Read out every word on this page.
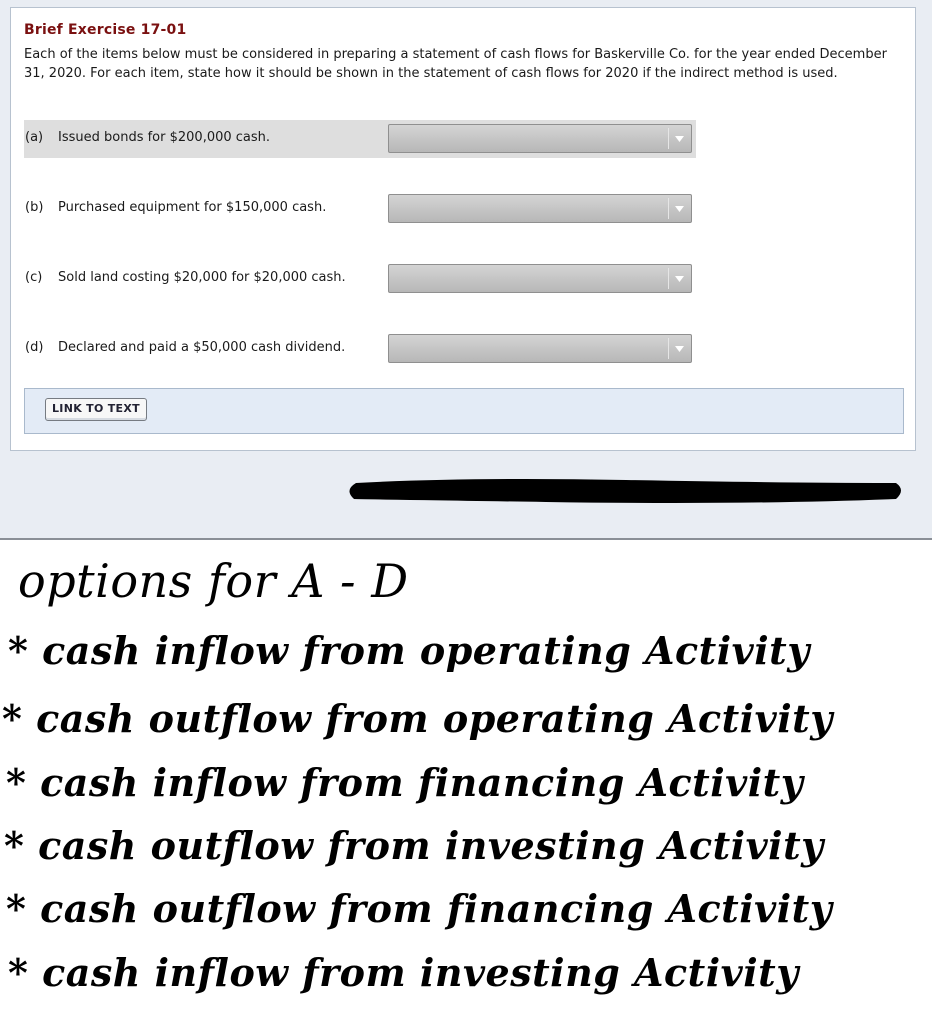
Brief Exercise 17-01
Each of the items below must be considered in preparing a statement of cash flows for Baskerville Co. for the year ended December 31, 2020. For each item, state how it should be shown in the statement of cash flows for 2020 if the indirect method is used.
(a) Issued bonds for $200,000 cash.
(b) Purchased equipment for $150,000 cash.
(c) Sold land costing $20,000 for $20,000 cash.
(d) Declared and paid a $50,000 cash dividend.
LINK TO TEXT
options for A - D
* cash inflow from operating Activity
* cash outflow from operating Activity
* cash inflow from financing Activity
* cash outflow from investing Activity
* cash outflow from financing Activity
* cash inflow from investing Activity
